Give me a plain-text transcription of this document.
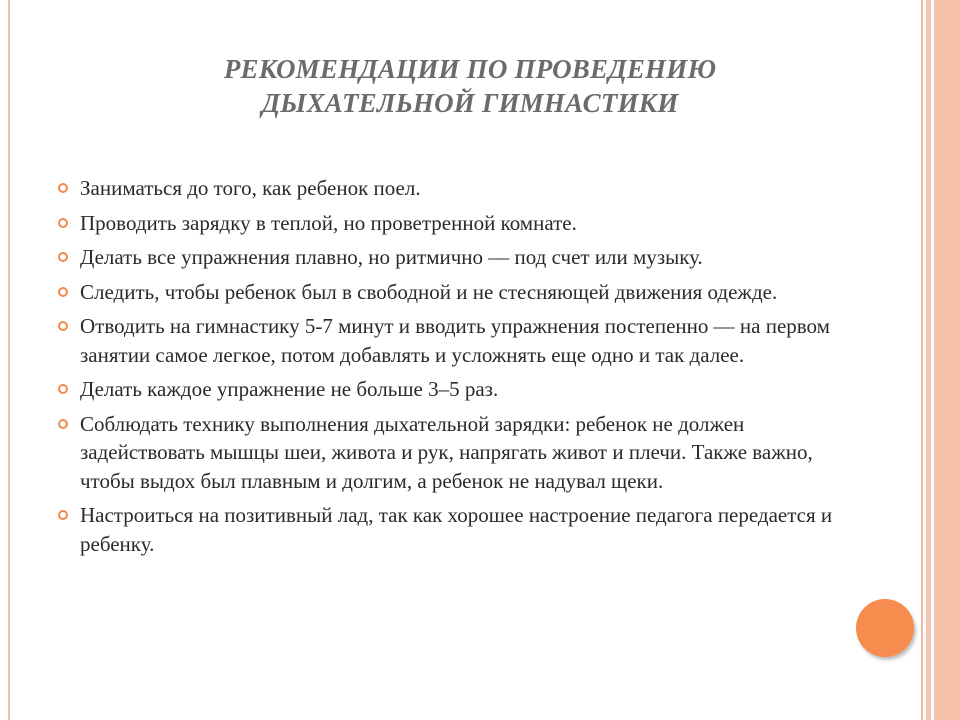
РЕКОМЕНДАЦИИ ПО ПРОВЕДЕНИЮ
ДЫХАТЕЛЬНОЙ ГИМНАСТИКИ
Заниматься до того, как ребенок поел.
Проводить зарядку в теплой, но проветренной комнате.
Делать все упражнения плавно, но ритмично — под счет или музыку.
Следить, чтобы ребенок был в свободной и не стесняющей движения одежде.
Отводить на гимнастику 5-7 минут и вводить упражнения постепенно — на первом занятии самое легкое, потом добавлять и усложнять еще одно и так далее.
Делать каждое упражнение не больше 3–5 раз.
Соблюдать технику выполнения дыхательной зарядки: ребенок не должен задействовать мышцы шеи, живота и рук, напрягать живот и плечи. Также важно, чтобы выдох был плавным и долгим, а ребенок не надувал щеки.
Настроиться на позитивный лад, так как хорошее настроение педагога передается и ребенку.
